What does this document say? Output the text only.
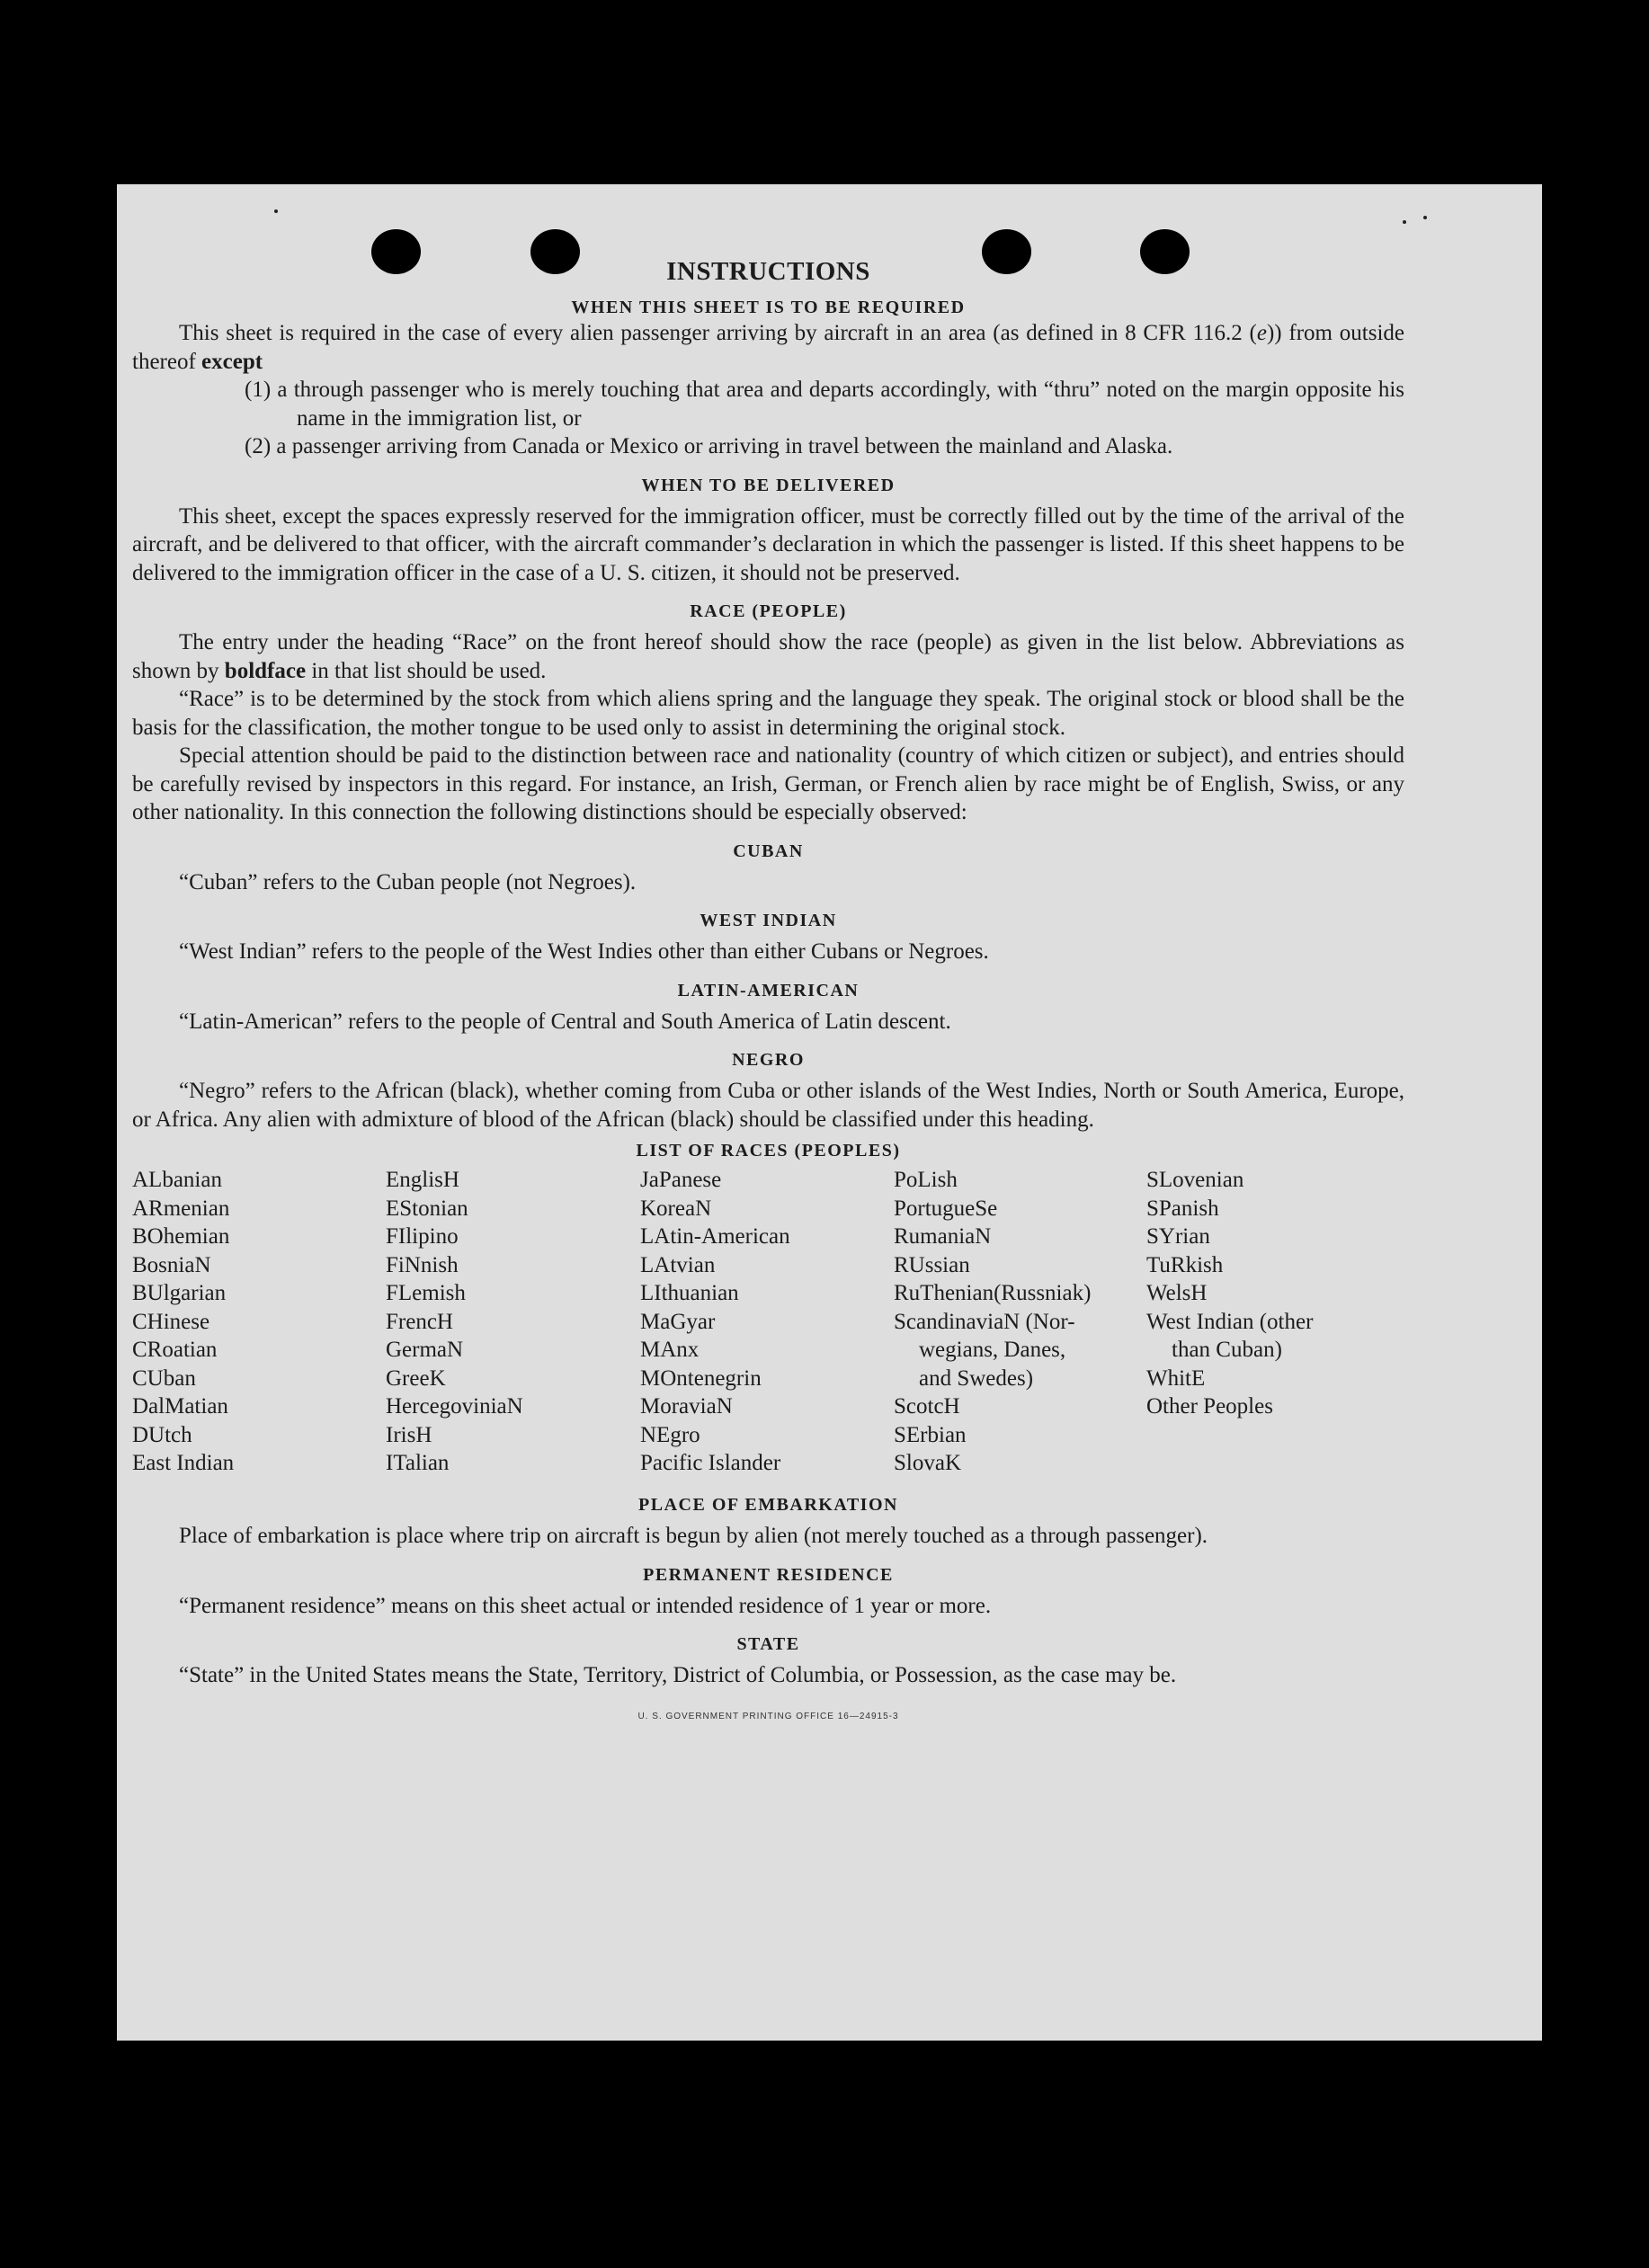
INSTRUCTIONS
WHEN THIS SHEET IS TO BE REQUIRED

This sheet is required in the case of every alien passenger arriving by aircraft in an area (as defined in 8 CFR 116.2 (e)) from outside thereof except

(1) a through passenger who is merely touching that area and departs accordingly, with “thru” noted on the margin opposite his name in the immigration list, or

(2) a passenger arriving from Canada or Mexico or arriving in travel between the mainland and Alaska.

WHEN TO BE DELIVERED

This sheet, except the spaces expressly reserved for the immigration officer, must be correctly filled out by the time of the arrival of the aircraft, and be delivered to that officer, with the aircraft commander’s declaration in which the passenger is listed. If this sheet happens to be delivered to the immigration officer in the case of a U. S. citizen, it should not be preserved.

RACE (PEOPLE)

The entry under the heading “Race” on the front hereof should show the race (people) as given in the list below. Abbreviations as shown by boldface in that list should be used.

“Race” is to be determined by the stock from which aliens spring and the language they speak. The original stock or blood shall be the basis for the classification, the mother tongue to be used only to assist in determining the original stock.

Special attention should be paid to the distinction between race and nationality (country of which citizen or subject), and entries should be carefully revised by inspectors in this regard. For instance, an Irish, German, or French alien by race might be of English, Swiss, or any other nationality. In this connection the following distinctions should be especially observed:

CUBAN

“Cuban” refers to the Cuban people (not Negroes).

WEST INDIAN

“West Indian” refers to the people of the West Indies other than either Cubans or Negroes.

LATIN-AMERICAN

“Latin-American” refers to the people of Central and South America of Latin descent.

NEGRO

“Negro” refers to the African (black), whether coming from Cuba or other islands of the West Indies, North or South America, Europe, or Africa. Any alien with admixture of blood of the African (black) should be classified under this heading.

LIST OF RACES (PEOPLES)
ALbanian
ARmenian
BOhemian
BosniaN
BUlgarian
CHinese
CRoatian
CUban
DalMatian
DUtch
East Indian
EnglisH
EStonian
FIlipino
FiNnish
FLemish
FrencH
GermaN
GreeK
HercegoviniaN
IrisH
ITalian
JaPanese
KoreaN
LAtin-American
LAtvian
LIthuanian
MaGyar
MAnx
MOntenegrin
MoraviaN
NEgro
Pacific Islander
PoLish
PortugueSe
RumaniaN
RUssian
RuThenian(Russniak)
ScandinaviaN (Nor-
wegians, Danes,
and Swedes)
ScotcH
SErbian
SlovaK
SLovenian
SPanish
SYrian
TuRkish
WelsH
West Indian (other
than Cuban)
WhitE
Other Peoples
PLACE OF EMBARKATION

Place of embarkation is place where trip on aircraft is begun by alien (not merely touched as a through passenger).

PERMANENT RESIDENCE

“Permanent residence” means on this sheet actual or intended residence of 1 year or more.

STATE

“State” in the United States means the State, Territory, District of Columbia, or Possession, as the case may be.

U. S. GOVERNMENT PRINTING OFFICE 16—24915-3
